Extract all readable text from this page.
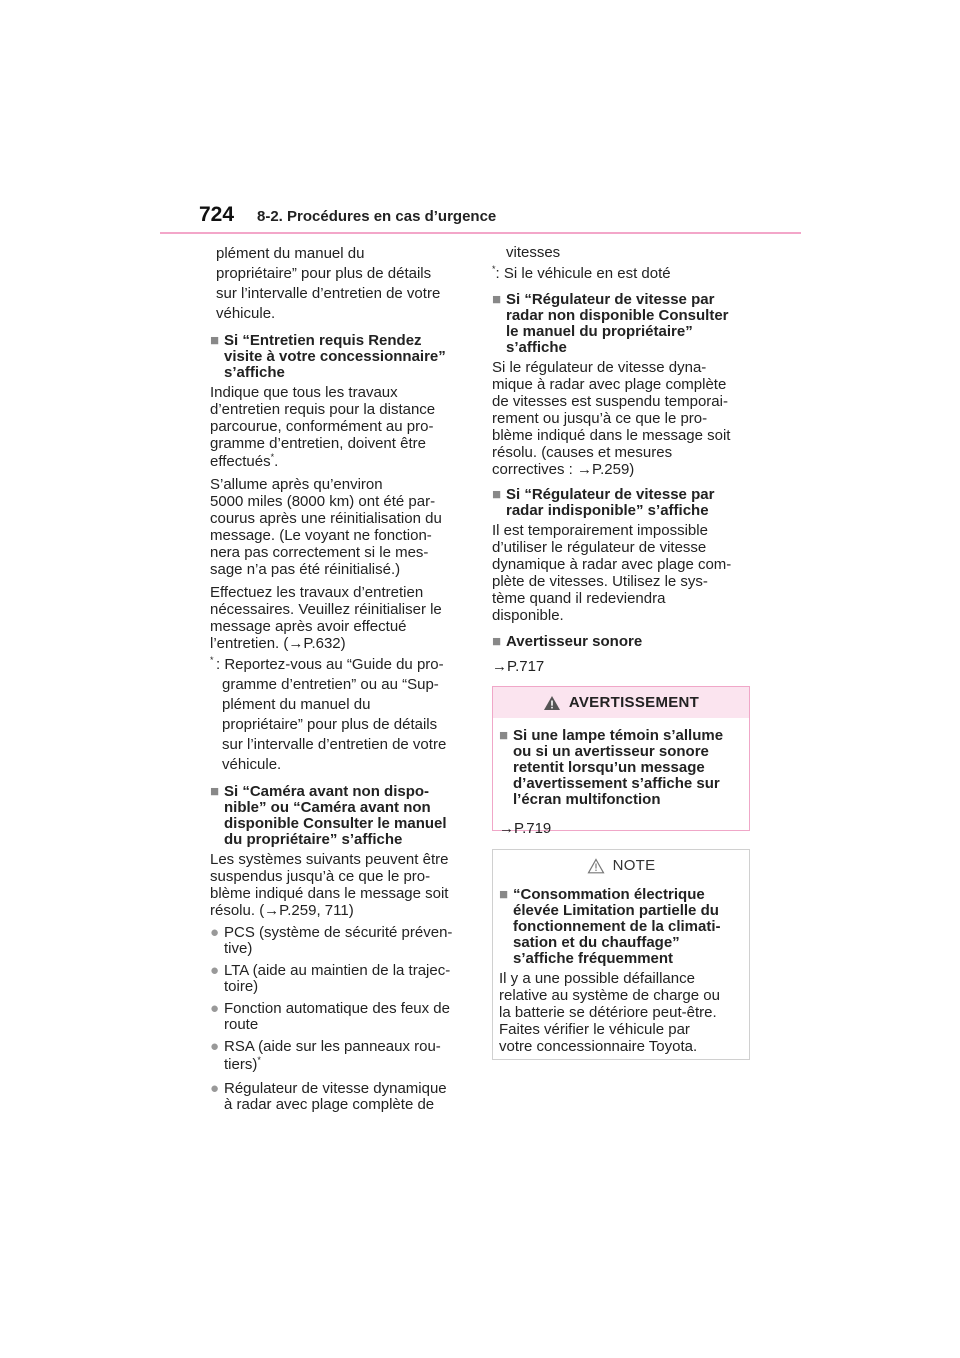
724 8-2. Procédures en cas d’urgence
plément du manuel du
propriétaire” pour plus de détails
sur l’intervalle d’entretien de votre
véhicule.
■ Si “Entretien requis Rendez
visite à votre concessionnaire”
s’affiche
Indique que tous les travaux
d’entretien requis pour la distance
parcourue, conformément au pro-
gramme d’entretien, doivent être
effectués*.
S’allume après qu’environ
5000 miles (8000 km) ont été par-
courus après une réinitialisation du
message. (Le voyant ne fonction-
nera pas correctement si le mes-
sage n’a pas été réinitialisé.)
Effectuez les travaux d’entretien
nécessaires. Veuillez réinitialiser le
message après avoir effectué
l’entretien. (→P.632)
* : Reportez-vous au “Guide du pro-
gramme d’entretien” ou au “Sup-
plément du manuel du
propriétaire” pour plus de détails
sur l’intervalle d’entretien de votre
véhicule.
■ Si “Caméra avant non dispo-
nible” ou “Caméra avant non
disponible Consulter le manuel
du propriétaire” s’affiche
Les systèmes suivants peuvent être
suspendus jusqu’à ce que le pro-
blème indiqué dans le message soit
résolu. (→P.259, 711)
● PCS (système de sécurité préven-
tive)
● LTA (aide au maintien de la trajec-
toire)
● Fonction automatique des feux de
route
● RSA (aide sur les panneaux rou-
tiers)*
● Régulateur de vitesse dynamique
à radar avec plage complète de
vitesses
*: Si le véhicule en est doté
■ Si “Régulateur de vitesse par
radar non disponible Consulter
le manuel du propriétaire”
s’affiche
Si le régulateur de vitesse dyna-
mique à radar avec plage complète
de vitesses est suspendu temporai-
rement ou jusqu’à ce que le pro-
blème indiqué dans le message soit
résolu. (causes et mesures
correctives : →P.259)
■ Si “Régulateur de vitesse par
radar indisponible” s’affiche
Il est temporairement impossible
d’utiliser le régulateur de vitesse
dynamique à radar avec plage com-
plète de vitesses. Utilisez le sys-
tème quand il redeviendra
disponible.
■ Avertisseur sonore
→P.717
AVERTISSEMENT
■ Si une lampe témoin s’allume
ou si un avertisseur sonore
retentit lorsqu’un message
d’avertissement s’affiche sur
l’écran multifonction
→P.719
NOTE
■ “Consommation électrique
élevée Limitation partielle du
fonctionnement de la climati-
sation et du chauffage”
s’affiche fréquemment
Il y a une possible défaillance
relative au système de charge ou
la batterie se détériore peut-être.
Faites vérifier le véhicule par
votre concessionnaire Toyota.
